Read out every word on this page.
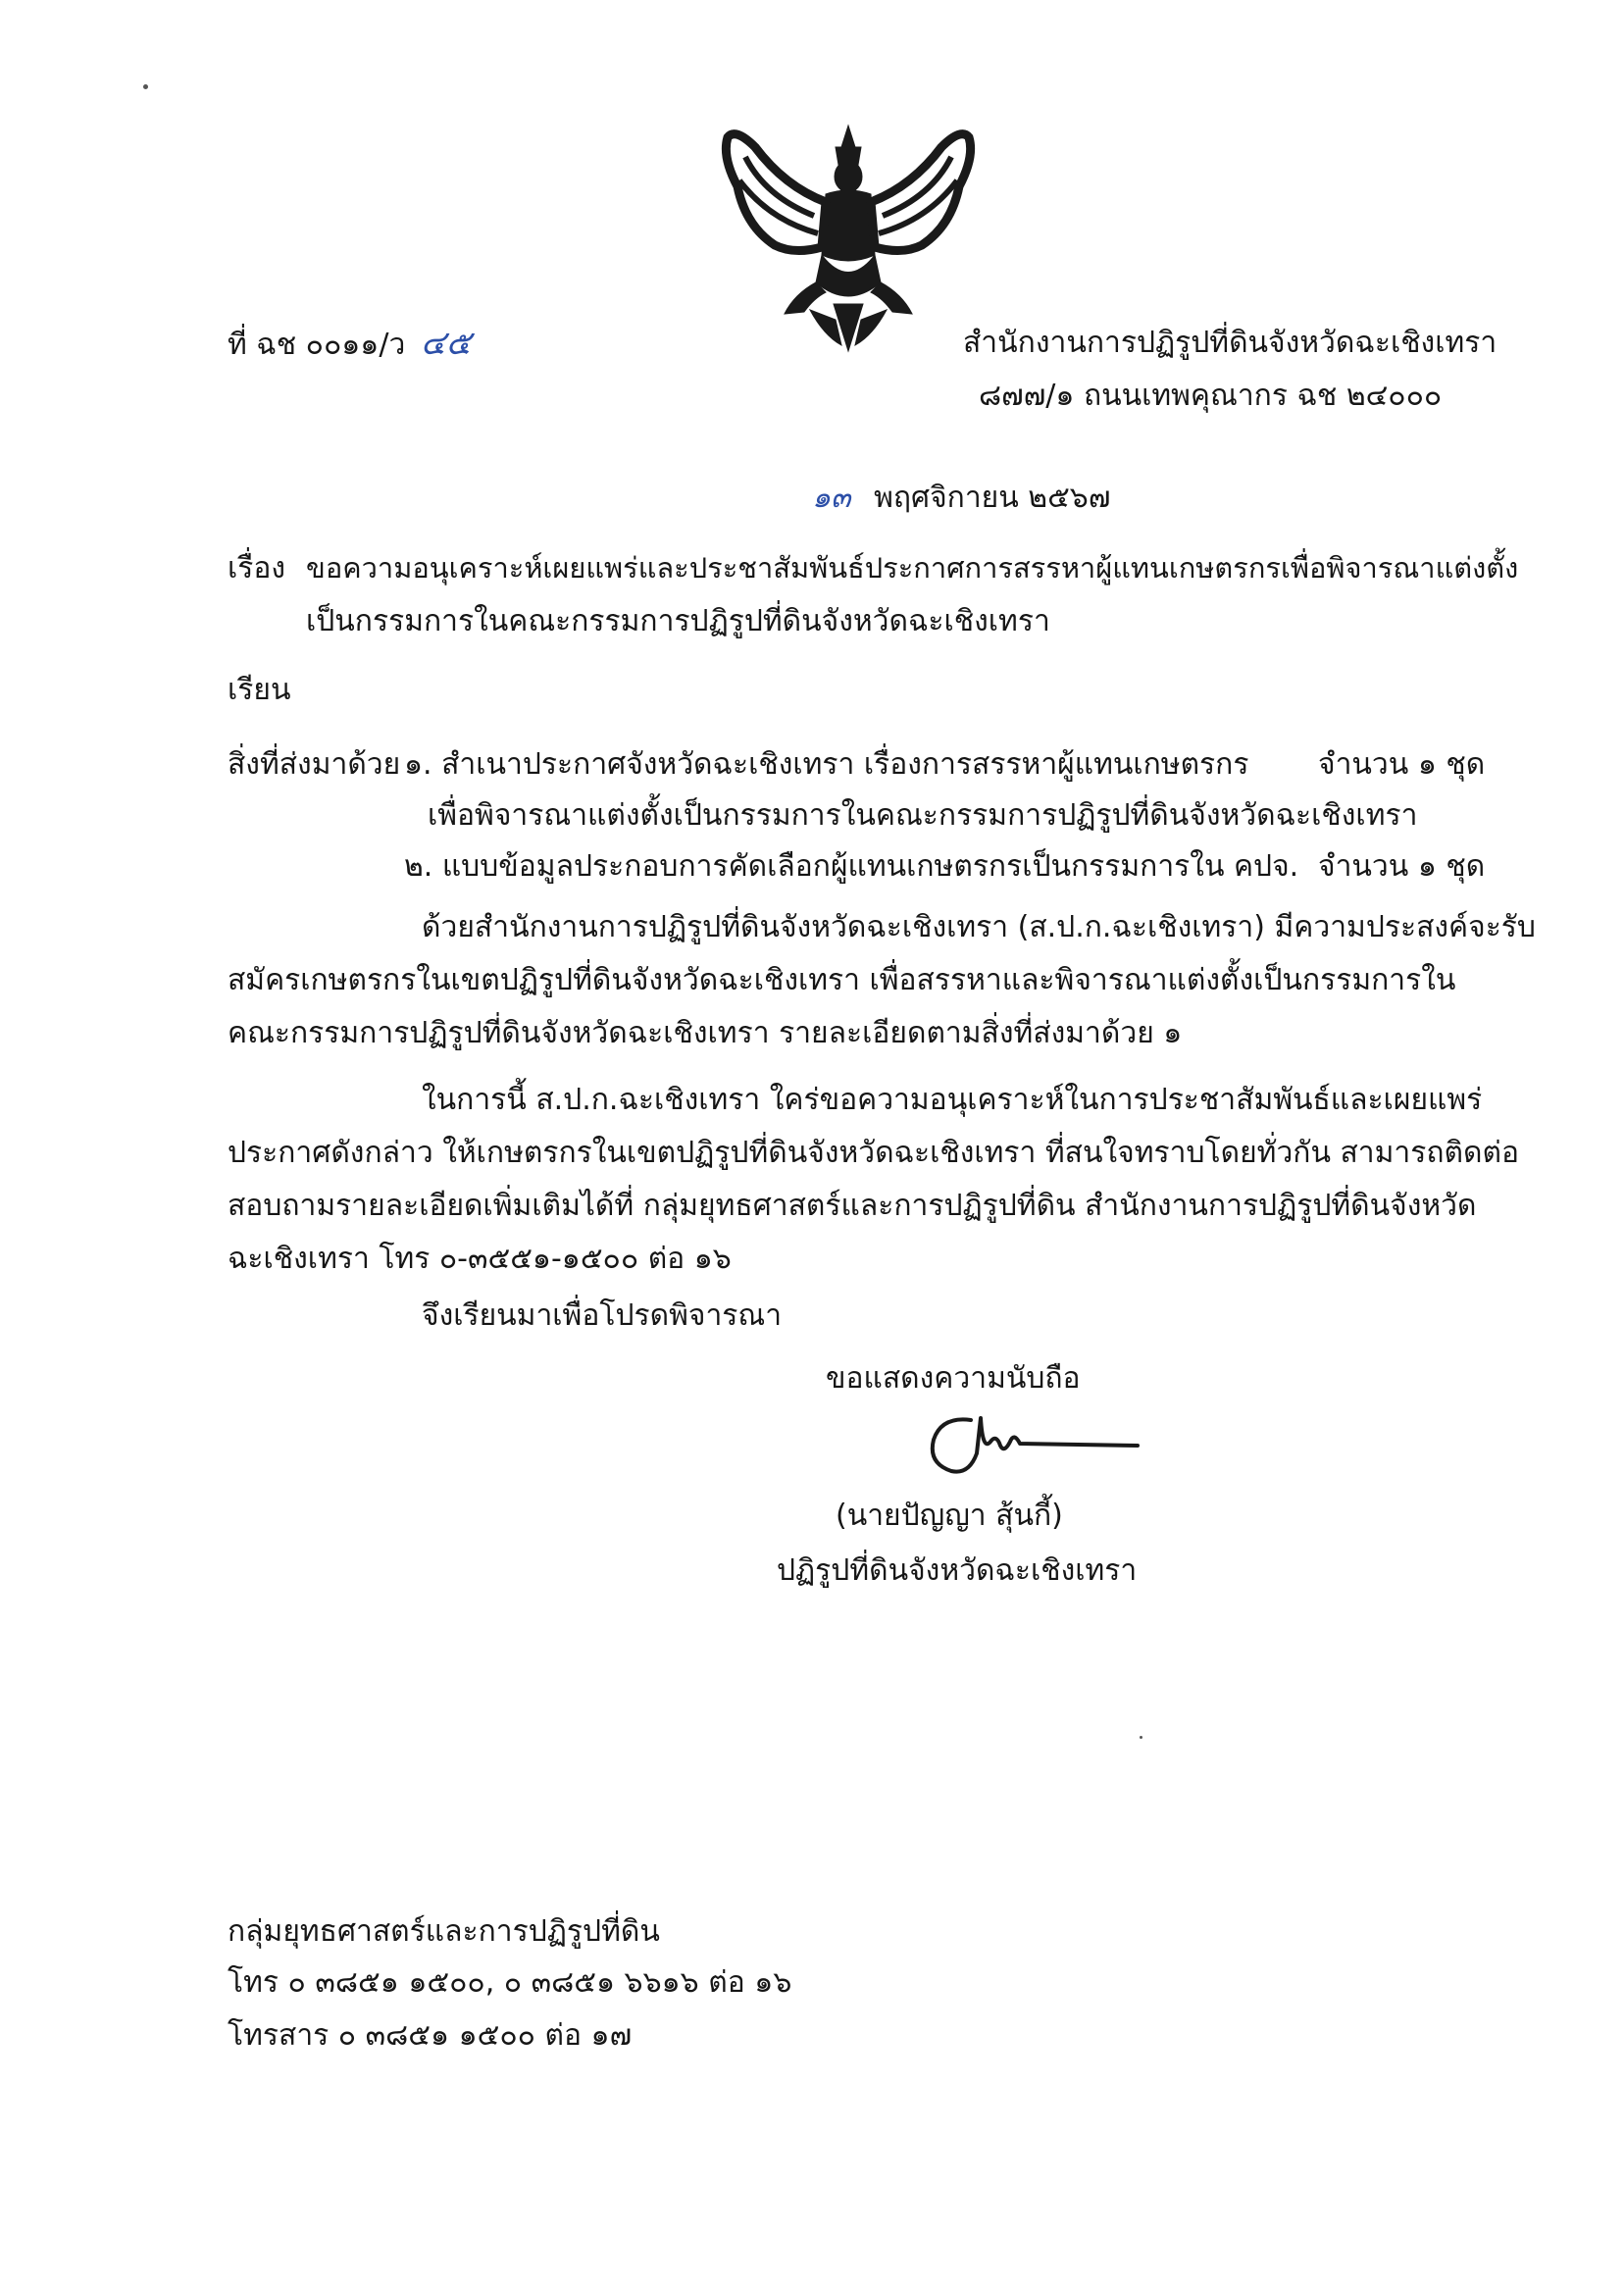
ที่ ฉช ๐๐๑๑/ว ๔๕	สำนักงานการปฏิรูปที่ดินจังหวัดฉะเชิงเทรา
๘๗๗/๑ ถนนเทพคุณากร ฉช ๒๔๐๐๐
๑๓ พฤศจิกายน ๒๕๖๗
เรื่อง ขอความอนุเคราะห์เผยแพร่และประชาสัมพันธ์ประกาศการสรรหาผู้แทนเกษตรกรเพื่อพิจารณาแต่งตั้ง
เป็นกรรมการในคณะกรรมการปฏิรูปที่ดินจังหวัดฉะเชิงเทรา
เรียน
สิ่งที่ส่งมาด้วย ๑. สำเนาประกาศจังหวัดฉะเชิงเทรา เรื่องการสรรหาผู้แทนเกษตรกร จำนวน ๑ ชุด
เพื่อพิจารณาแต่งตั้งเป็นกรรมการในคณะกรรมการปฏิรูปที่ดินจังหวัดฉะเชิงเทรา
๒. แบบข้อมูลประกอบการคัดเลือกผู้แทนเกษตรกรเป็นกรรมการใน คปจ. จำนวน ๑ ชุด
ด้วยสำนักงานการปฏิรูปที่ดินจังหวัดฉะเชิงเทรา (ส.ป.ก.ฉะเชิงเทรา) มีความประสงค์จะรับ
สมัครเกษตรกรในเขตปฏิรูปที่ดินจังหวัดฉะเชิงเทรา เพื่อสรรหาและพิจารณาแต่งตั้งเป็นกรรมการใน
คณะกรรมการปฏิรูปที่ดินจังหวัดฉะเชิงเทรา รายละเอียดตามสิ่งที่ส่งมาด้วย ๑
ในการนี้ ส.ป.ก.ฉะเชิงเทรา ใคร่ขอความอนุเคราะห์ในการประชาสัมพันธ์และเผยแพร่
ประกาศดังกล่าว ให้เกษตรกรในเขตปฏิรูปที่ดินจังหวัดฉะเชิงเทรา ที่สนใจทราบโดยทั่วกัน สามารถติดต่อ
สอบถามรายละเอียดเพิ่มเติมได้ที่ กลุ่มยุทธศาสตร์และการปฏิรูปที่ดิน สำนักงานการปฏิรูปที่ดินจังหวัด
ฉะเชิงเทรา โทร ๐-๓๕๕๑-๑๕๐๐ ต่อ ๑๖
จึงเรียนมาเพื่อโปรดพิจารณา
ขอแสดงความนับถือ
(นายปัญญา สุ้นกี้)
ปฏิรูปที่ดินจังหวัดฉะเชิงเทรา
กลุ่มยุทธศาสตร์และการปฏิรูปที่ดิน
โทร ๐ ๓๘๕๑ ๑๕๐๐, ๐ ๓๘๕๑ ๖๖๑๖ ต่อ ๑๖
โทรสาร ๐ ๓๘๕๑ ๑๕๐๐ ต่อ ๑๗
